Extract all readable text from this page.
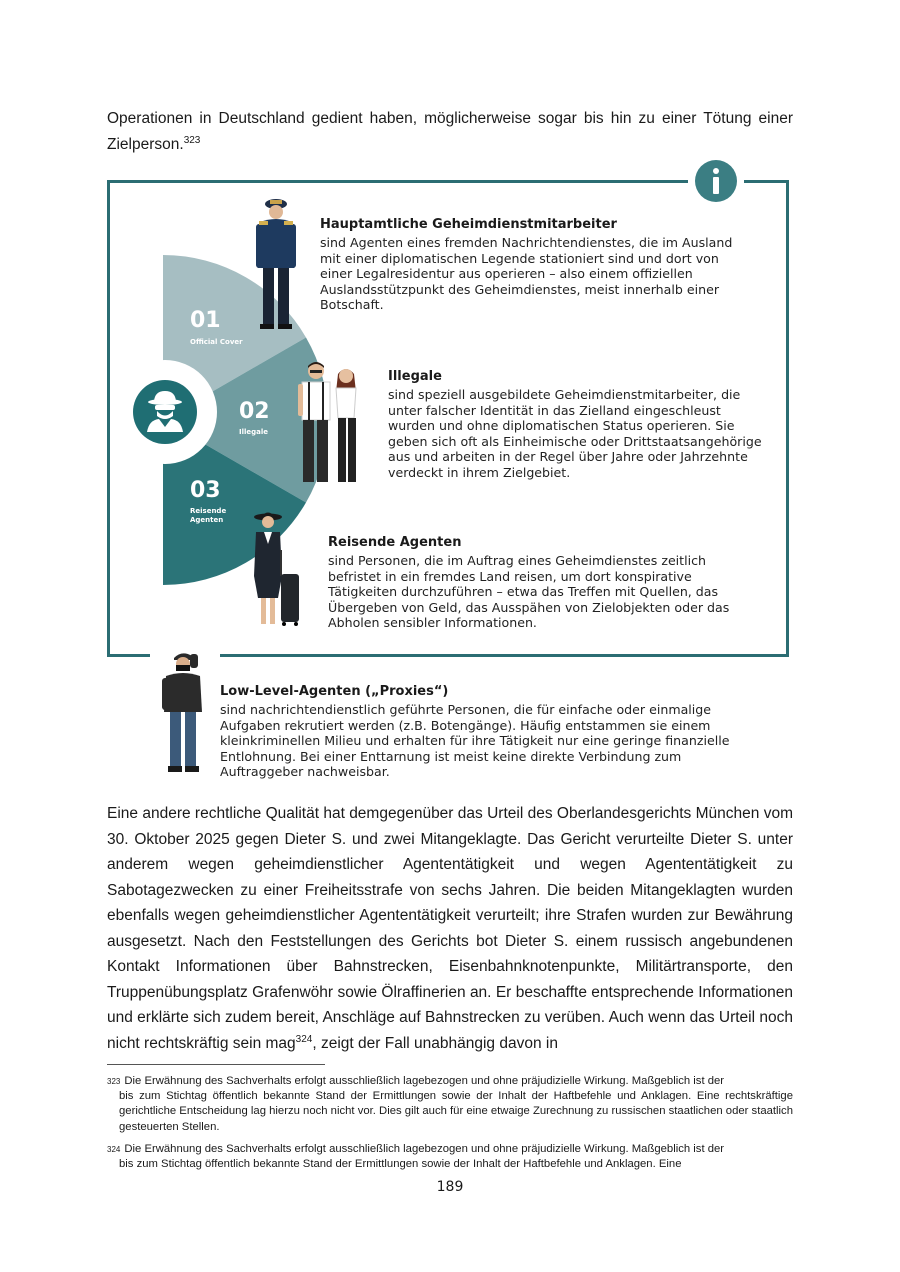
Operationen in Deutschland gedient haben, möglicherweise sogar bis hin zu einer Tötung einer Zielperson.$^{323}$
01
Official Cover
02
Illegale
03
Reisende Agenten
Hauptamtliche Geheimdienstmitarbeiter
sind Agenten eines fremden Nachrichtendienstes, die im Ausland mit einer diplomatischen Legende stationiert sind und dort von einer Legalresidentur aus operieren – also einem offiziellen Auslandsstützpunkt des Geheimdienstes, meist innerhalb einer Botschaft.
Illegale
sind speziell ausgebildete Geheimdienstmitarbeiter, die unter falscher Identität in das Zielland eingeschleust wurden und ohne diplomatischen Status operieren. Sie geben sich oft als Einheimische oder Drittstaatsangehörige aus und arbeiten in der Regel über Jahre oder Jahrzehnte verdeckt in ihrem Zielgebiet.
Reisende Agenten
sind Personen, die im Auftrag eines Geheimdienstes zeitlich befristet in ein fremdes Land reisen, um dort konspirative Tätigkeiten durchzuführen – etwa das Treffen mit Quellen, das Übergeben von Geld, das Ausspähen von Zielobjekten oder das Abholen sensibler Informationen.
Low-Level-Agenten („Proxies“)
sind nachrichtendienstlich geführte Personen, die für einfache oder einmalige Aufgaben rekrutiert werden (z.B. Botengänge). Häufig entstammen sie einem kleinkriminellen Milieu und erhalten für ihre Tätigkeit nur eine geringe finanzielle Entlohnung. Bei einer Enttarnung ist meist keine direkte Verbindung zum Auftraggeber nachweisbar.
Eine andere rechtliche Qualität hat demgegenüber das Urteil des Oberlandesgerichts München vom 30. Oktober 2025 gegen Dieter S. und zwei Mitangeklagte. Das Gericht verurteilte Dieter S. unter anderem wegen geheimdienstlicher Agententätigkeit und wegen Agententätigkeit zu Sabotagezwecken zu einer Freiheitsstrafe von sechs Jahren. Die beiden Mitangeklagten wurden ebenfalls wegen geheimdienstlicher Agententätigkeit verurteilt; ihre Strafen wurden zur Bewährung ausgesetzt. Nach den Feststellungen des Gerichts bot Dieter S. einem russisch angebundenen Kontakt Informationen über Bahnstrecken, Eisenbahnknotenpunkte, Militärtransporte, den Truppenübungsplatz Grafenwöhr sowie Ölraffinerien an. Er beschaffte entsprechende Informationen und erklärte sich zudem bereit, Anschläge auf Bahnstrecken zu verüben. Auch wenn das Urteil noch nicht rechtskräftig sein mag$^{324}$, zeigt der Fall unabhängig davon in
$^{323}$ Die Erwähnung des Sachverhalts erfolgt ausschließlich lagebezogen und ohne präjudizielle Wirkung. Maßgeblich ist der
bis zum Stichtag öffentlich bekannte Stand der Ermittlungen sowie der Inhalt der Haftbefehle und Anklagen. Eine rechtskräftige gerichtliche Entscheidung lag hierzu noch nicht vor. Dies gilt auch für eine etwaige Zurechnung zu russischen staatlichen oder staatlich gesteuerten Stellen.
$^{324}$ Die Erwähnung des Sachverhalts erfolgt ausschließlich lagebezogen und ohne präjudizielle Wirkung. Maßgeblich ist der
bis zum Stichtag öffentlich bekannte Stand der Ermittlungen sowie der Inhalt der Haftbefehle und Anklagen. Eine
189
